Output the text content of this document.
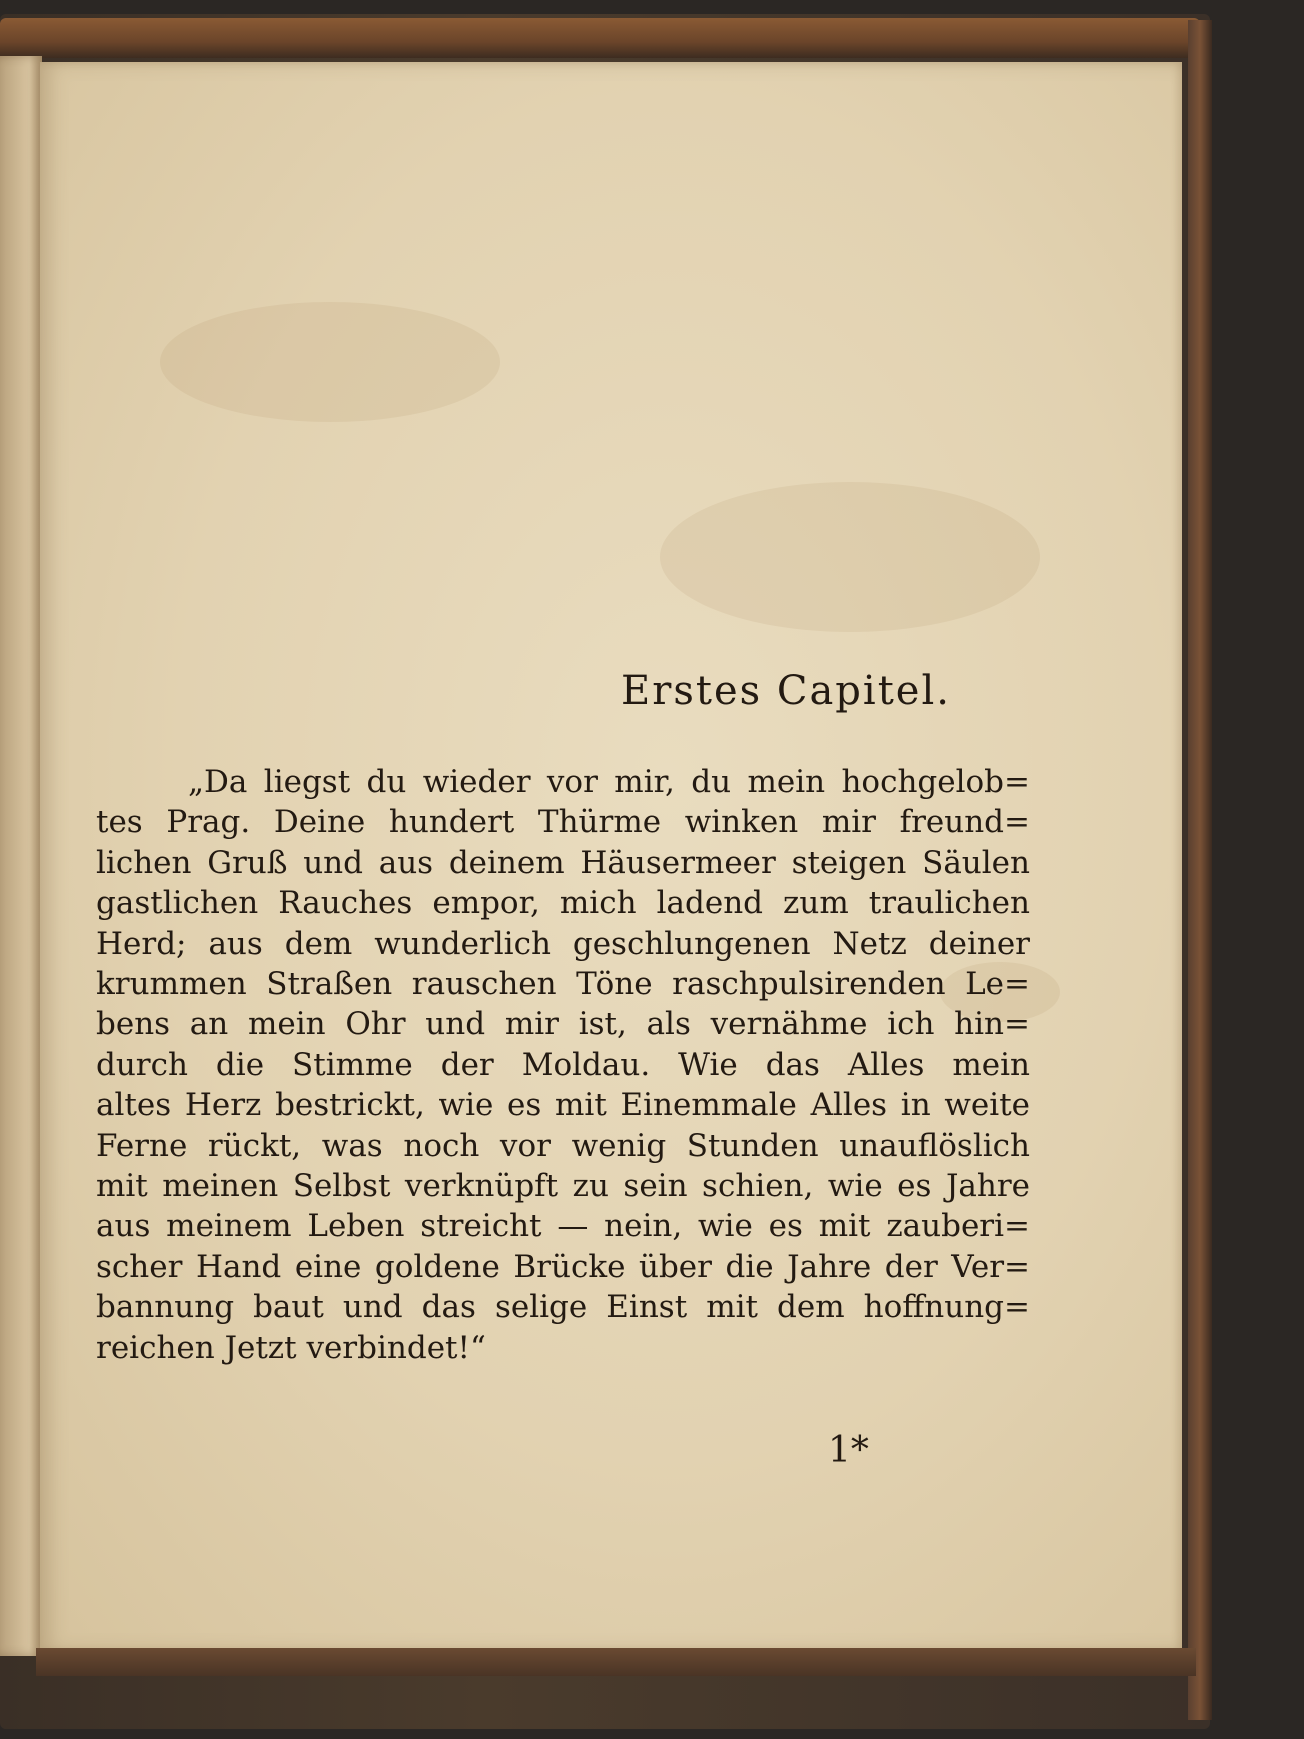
Erstes Capitel.
„Da liegst du wieder vor mir, du mein hochgelob=
tes Prag. Deine hundert Thürme winken mir freund=
lichen Gruß und aus deinem Häusermeer steigen Säulen
gastlichen Rauches empor, mich ladend zum traulichen
Herd; aus dem wunderlich geschlungenen Netz deiner
krummen Straßen rauschen Töne raschpulsirenden Le=
bens an mein Ohr und mir ist, als vernähme ich hin=
durch die Stimme der Moldau. Wie das Alles mein
altes Herz bestrickt, wie es mit Einemmale Alles in weite
Ferne rückt, was noch vor wenig Stunden unauflöslich
mit meinen Selbst verknüpft zu sein schien, wie es Jahre
aus meinem Leben streicht — nein, wie es mit zauberi=
scher Hand eine goldene Brücke über die Jahre der Ver=
bannung baut und das selige Einst mit dem hoffnung=
reichen Jetzt verbindet!“
1*
